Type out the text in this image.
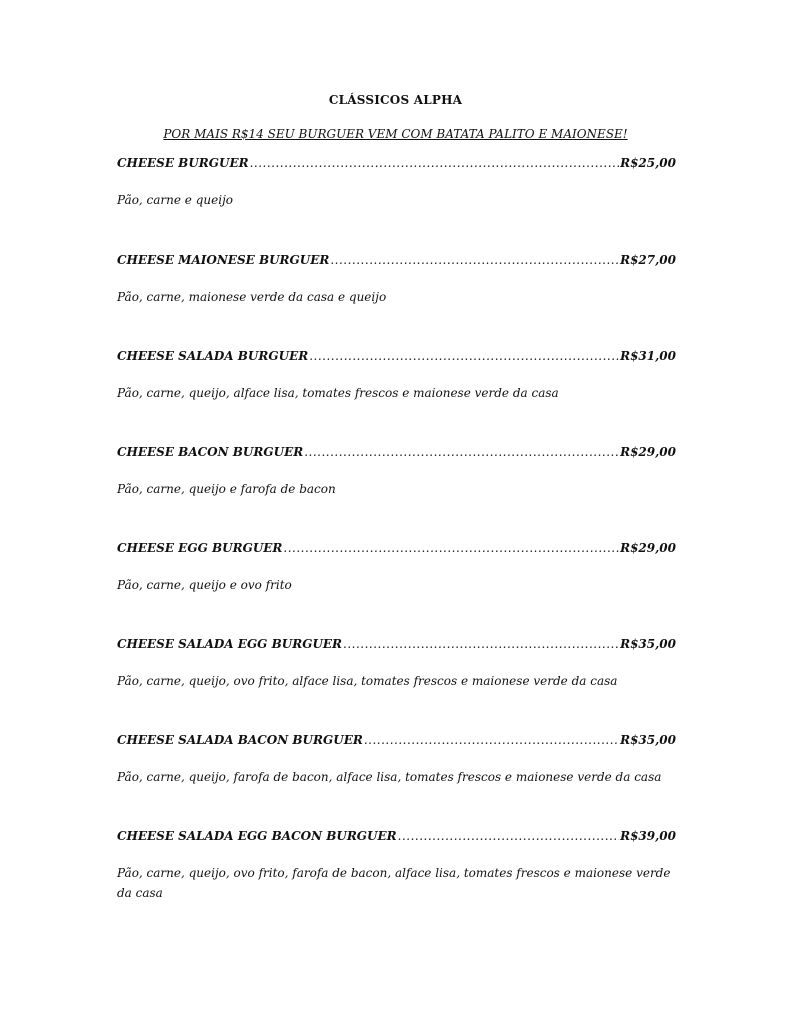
CLÁSSICOS ALPHA
POR MAIS R$14 SEU BURGUER VEM COM BATATA PALITO E MAIONESE!
CHEESE BURGUER .....	R$25,00
Pão, carne e queijo
CHEESE MAIONESE BURGUER .....	R$27,00
Pão, carne, maionese verde da casa e queijo
CHEESE SALADA BURGUER .....	R$31,00
Pão, carne, queijo, alface lisa, tomates frescos e maionese verde da casa
CHEESE BACON BURGUER .....	R$29,00
Pão, carne, queijo e farofa de bacon
CHEESE EGG BURGUER .....	R$29,00
Pão, carne, queijo e ovo frito
CHEESE SALADA EGG BURGUER .....	R$35,00
Pão, carne, queijo, ovo frito, alface lisa, tomates frescos e maionese verde da casa
CHEESE SALADA BACON BURGUER .....	R$35,00
Pão, carne, queijo, farofa de bacon, alface lisa, tomates frescos e maionese verde da casa
CHEESE SALADA EGG BACON BURGUER .....	R$39,00
Pão, carne, queijo, ovo frito, farofa de bacon, alface lisa, tomates frescos e maionese verde da casa
